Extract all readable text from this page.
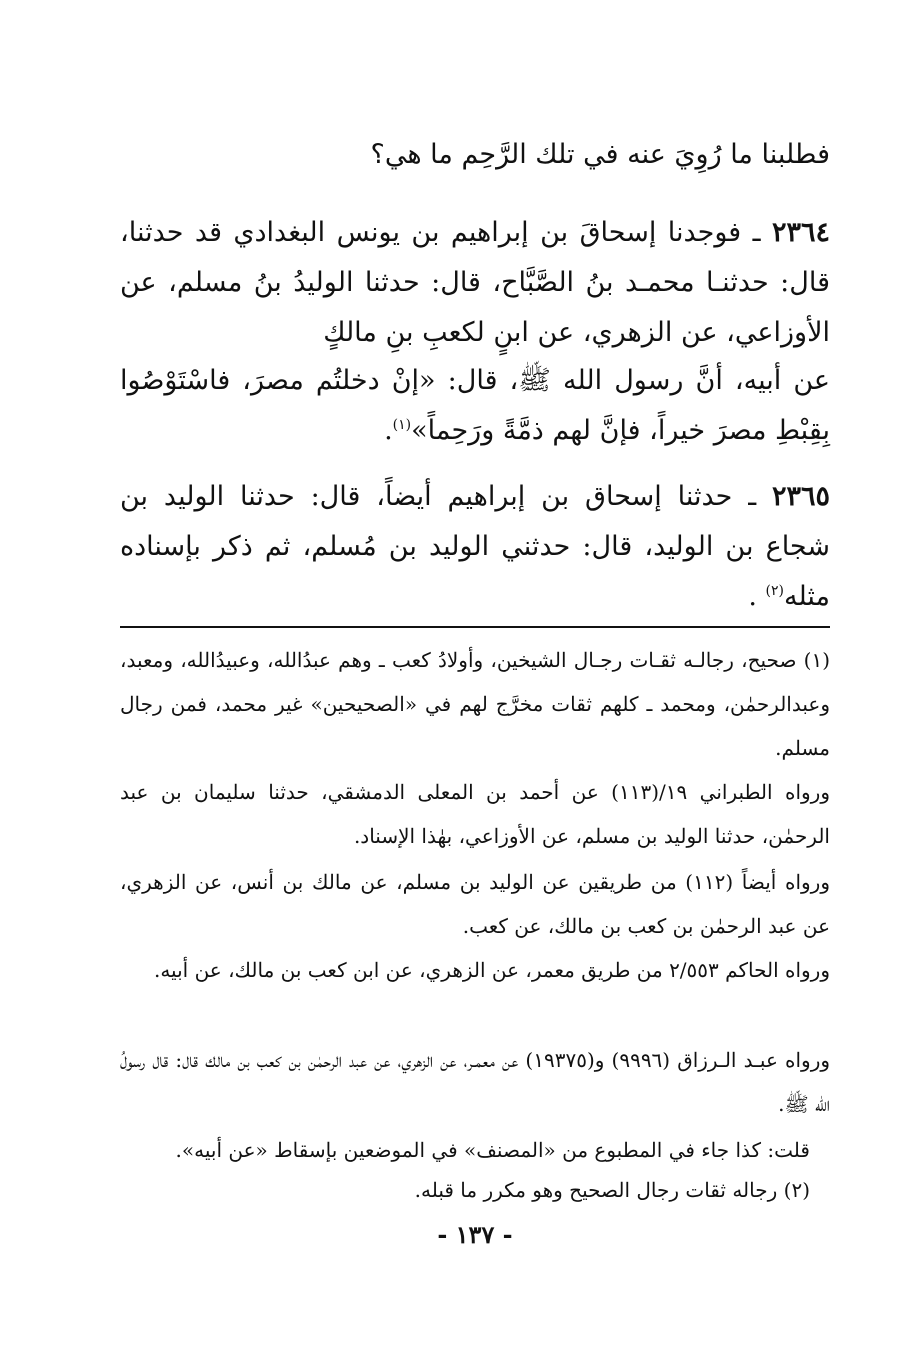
فطلبنا ما رُوِيَ عنه في تلك الرَّحِم ما هي؟

٢٣٦٤ ـ فوجدنا إسحاقَ بن إبراهيم بن يونس البغدادي قد حدثنا، قال: حدثنـا محمـد بنُ الصَّبَّاح، قال: حدثنا الوليدُ بنُ مسلم، عن الأوزاعي، عن الزهري، عن ابنٍ لكعبِ بنِ مالكٍ

عن أبيه، أنَّ رسول الله ﷺ، قال: «إنْ دخلتُم مصرَ، فاسْتَوْصُوا بِقِبْطِ مصرَ خيراً، فإنَّ لهم ذمَّةً ورَحِماً»$^{(١)}$.

٢٣٦٥ ـ حدثنا إسحاق بن إبراهيم أيضاً، قال: حدثنا الوليد بن شجاع بن الوليد، قال: حدثني الوليد بن مُسلم، ثم ذكر بإسناده مثله$^{(٢)}$ .

(١) صحيح، رجالـه ثقـات رجـال الشيخين، وأولادُ كعب ـ وهم عبدُالله، وعبيدُالله، ومعبد، وعبدالرحمٰن، ومحمد ـ كلهم ثقات مخرَّج لهم في «الصحيحين» غير محمد، فمن رجال مسلم.

ورواه الطبراني ١٩/(١١٣) عن أحمد بن المعلى الدمشقي، حدثنا سليمان بن عبد الرحمٰن، حدثنا الوليد بن مسلم، عن الأوزاعي، بهٰذا الإسناد.

ورواه أيضاً (١١٢) من طريقين عن الوليد بن مسلم، عن مالك بن أنس، عن الزهري، عن عبد الرحمٰن بن كعب بن مالك، عن كعب.

ورواه الحاكم ٢/٥٥٣ من طريق معمر، عن الزهري، عن ابن كعب بن مالك، عن أبيه.

ورواه عبـد الـرزاق (٩٩٩٦) و(١٩٣٧٥) عن معمـر، عن الزهري، عن عبد الرحمٰن بن كعب بن مالك قال: قال رسولُ الله ﷺ.

قلت: كذا جاء في المطبوع من «المصنف» في الموضعين بإسقاط «عن أبيه».

(٢) رجاله ثقات رجال الصحيح وهو مكرر ما قبله.

- ١٣٧ -
